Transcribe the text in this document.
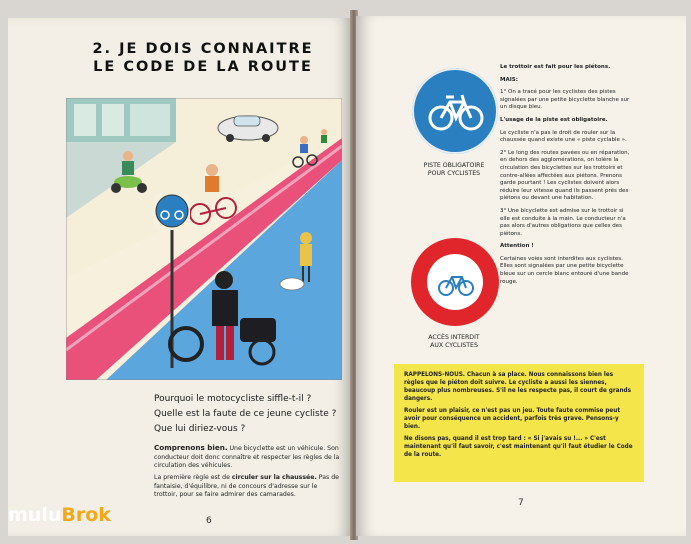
2. JE DOIS CONNAITRE
LE CODE DE LA ROUTE
Pourquoi le motocycliste siffle-t-il ?
Quelle est la faute de ce jeune cycliste ?
Que lui diriez-vous ?
Comprenons bien. Une bicyclette est un véhicule. Son conducteur doit donc connaître et respecter les règles de la circulation des véhicules.
La première règle est de circuler sur la chaussée. Pas de fantaisie, d'équilibre, ni de concours d'adresse sur le trottoir, pour se faire admirer des camarades.
6
PISTE OBLIGATOIRE
POUR CYCLISTES
ACCÈS INTERDIT
AUX CYCLISTES

Le trottoir est fait pour les piétons.

MAIS:

1° On a tracé pour les cyclistes des pistes signalées par une petite bicyclette blanche sur un disque bleu.

L'usage de la piste est obligatoire.

Le cycliste n'a pas le droit de rouler sur la chaussée quand existe une « piste cyclable ».

2° Le long des routes pavées ou en réparation, en dehors des agglomérations, on tolère la circulation des bicyclettes sur les trottoirs et contre-allées affectées aux piétons. Prenons garde pourtant ! Les cyclistes doivent alors réduire leur vitesse quand ils passent près des piétons ou devant une habitation.

3° Une bicyclette est admise sur le trottoir si elle est conduite à la main. Le conducteur n'a pas alors d'autres obligations que celles des piétons.

Attention !

Certaines voies sont interdites aux cyclistes. Elles sont signalées par une petite bicyclette bleue sur un cercle blanc entouré d'une bande rouge.

RAPPELONS-NOUS. Chacun à sa place. Nous connaissons bien les règles que le piéton doit suivre. Le cycliste a aussi les siennes, beaucoup plus nombreuses. S'il ne les respecte pas, il court de grands dangers.

Rouler est un plaisir, ce n'est pas un jeu. Toute faute commise peut avoir pour conséquence un accident, parfois très grave. Pensons-y bien.

Ne disons pas, quand il est trop tard : « Si j'avais su !... » C'est maintenant qu'il faut savoir, c'est maintenant qu'il faut étudier le Code de la route.

7
muluBrok
